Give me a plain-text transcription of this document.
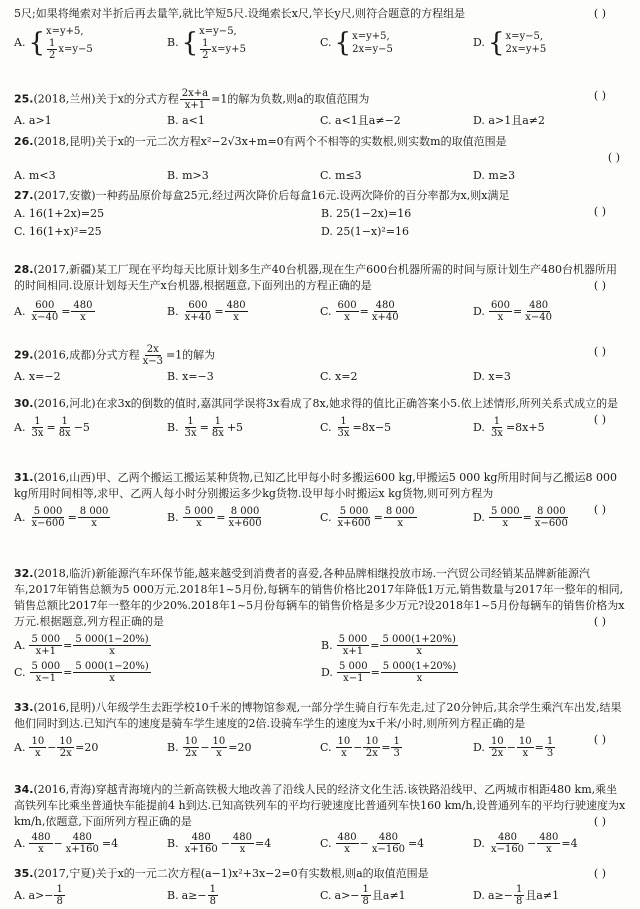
5尺;如果将绳索对半折后再去量竿,就比竿短5尺.设绳索长x尺,竿长y尺,则符合题意的方程组是	( )

A. { x=y+5,
$\frac{1}{2} x=y-5$
B. { x=y−5,
$\frac{1}{2} x=y+5$
C. { x=y+5,
2x=y−5
D. { x=y−5,
2x=y+5

25.(2018,兰州)关于x的分式方程 $\frac{2x+a}{x+1} =1$的解为负数,则a的取值范围为	( )

A. a>1	B. a<1	C. a<1且a≠−2	D. a>1且a≠2

26.(2018,昆明)关于x的一元二次方程x²−2√3x+m=0有两个不相等的实数根,则实数m的取值范围是

( )

A. m<3	B. m>3	C. m≤3	D. m≥3

27.(2017,安徽)一种药品原价每盒25元,经过两次降价后每盒16元.设两次降价的百分率都为x,则x满足
( )

A. 16(1+2x)=25	B. 25(1−2x)=16
C. 16(1+x)²=25	D. 25(1−x)²=16

28.(2017,新疆)某工厂现在平均每天比原计划多生产40台机器,现在生产600台机器所需的时间与原计划生产480台机器所用的时间相同.设原计划每天生产x台机器,根据题意,下面列出的方程正确的是	( )

A. $\frac{600}{x-40} = \frac{480}{x}$	B. $\frac{600}{x+40} = \frac{480}{x}$	C. $\frac{600}{x} = \frac{480}{x+40}$	D. $\frac{600}{x} = \frac{480}{x-40}$

29.(2016,成都)分式方程 $\frac{2x}{x-3} =1$的解为	( )

A. x=−2	B. x=−3	C. x=2	D. x=3

30.(2016,河北)在求3x的倒数的值时,嘉淇同学误将3x看成了8x,她求得的值比正确答案小5.依上述情形,所列关系式成立的是
( )

A. $\frac{1}{3x} = \frac{1}{8x} -5$	B. $\frac{1}{3x} = \frac{1}{8x} +5$	C. $\frac{1}{3x} =8x-5$	D. $\frac{1}{3x} =8x+5$

31.(2016,山西)甲、乙两个搬运工搬运某种货物,已知乙比甲每小时多搬运600 kg,甲搬运5 000 kg所用时间与乙搬运8 000 kg所用时间相等,求甲、乙两人每小时分别搬运多少kg货物.设甲每小时搬运x kg货物,则可列方程为
( )

A. $\frac{5 000}{x-600} = \frac{8 000}{x}$	B. $\frac{5 000}{x} = \frac{8 000}{x+600}$	C. $\frac{5 000}{x+600} = \frac{8 000}{x}$	D. $\frac{5 000}{x} = \frac{8 000}{x-600}$

32.(2018,临沂)新能源汽车环保节能,越来越受到消费者的喜爱,各种品牌相继投放市场.一汽贸公司经销某品牌新能源汽车,2017年销售总额为5 000万元.2018年1~5月份,每辆车的销售价格比2017年降低1万元,销售数量与2017年一整年的相同,销售总额比2017年一整年的少20%.2018年1~5月份每辆车的销售价格是多少万元?设2018年1~5月份每辆车的销售价格为x万元.根据题意,列方程正确的是	( )

A. $\frac{5 000}{x+1} = \frac{5 000(1-20\%)}{x}$	B. $\frac{5 000}{x+1} = \frac{5 000(1+20\%)}{x}$
C. $\frac{5 000}{x-1} = \frac{5 000(1-20\%)}{x}$	D. $\frac{5 000}{x-1} = \frac{5 000(1+20\%)}{x}$

33.(2016,昆明)八年级学生去距学校10千米的博物馆参观,一部分学生骑自行车先走,过了20分钟后,其余学生乘汽车出发,结果他们同时到达.已知汽车的速度是骑车学生速度的2倍.设骑车学生的速度为x千米/小时,则所列方程正确的是
( )

A. $\frac{10}{x} - \frac{10}{2x} =20$	B. $\frac{10}{2x} - \frac{10}{x} =20$	C. $\frac{10}{x} - \frac{10}{2x} = \frac{1}{3}$	D. $\frac{10}{2x} - \frac{10}{x} = \frac{1}{3}$

34.(2016,青海)穿越青海境内的兰新高铁极大地改善了沿线人民的经济文化生活.该铁路沿线甲、乙两城市相距480 km,乘坐高铁列车比乘坐普通快车能提前4 h到达.已知高铁列车的平均行驶速度比普通列车快160 km/h,设普通列车的平均行驶速度为x km/h,依题意,下面所列方程正确的是	( )

A. $\frac{480}{x} - \frac{480}{x+160} =4$	B. $\frac{480}{x+160} - \frac{480}{x} =4$	C. $\frac{480}{x} - \frac{480}{x-160} =4$	D. $\frac{480}{x-160} - \frac{480}{x} =4$

35.(2017,宁夏)关于x的一元二次方程(a−1)x²+3x−2=0有实数根,则a的取值范围是	( )

A. $a>- \frac{1}{8}$	B. $a\ge- \frac{1}{8}$	C. $a>- \frac{1}{8}$ 且a≠1	D. $a\ge- \frac{1}{8}$ 且a≠1
